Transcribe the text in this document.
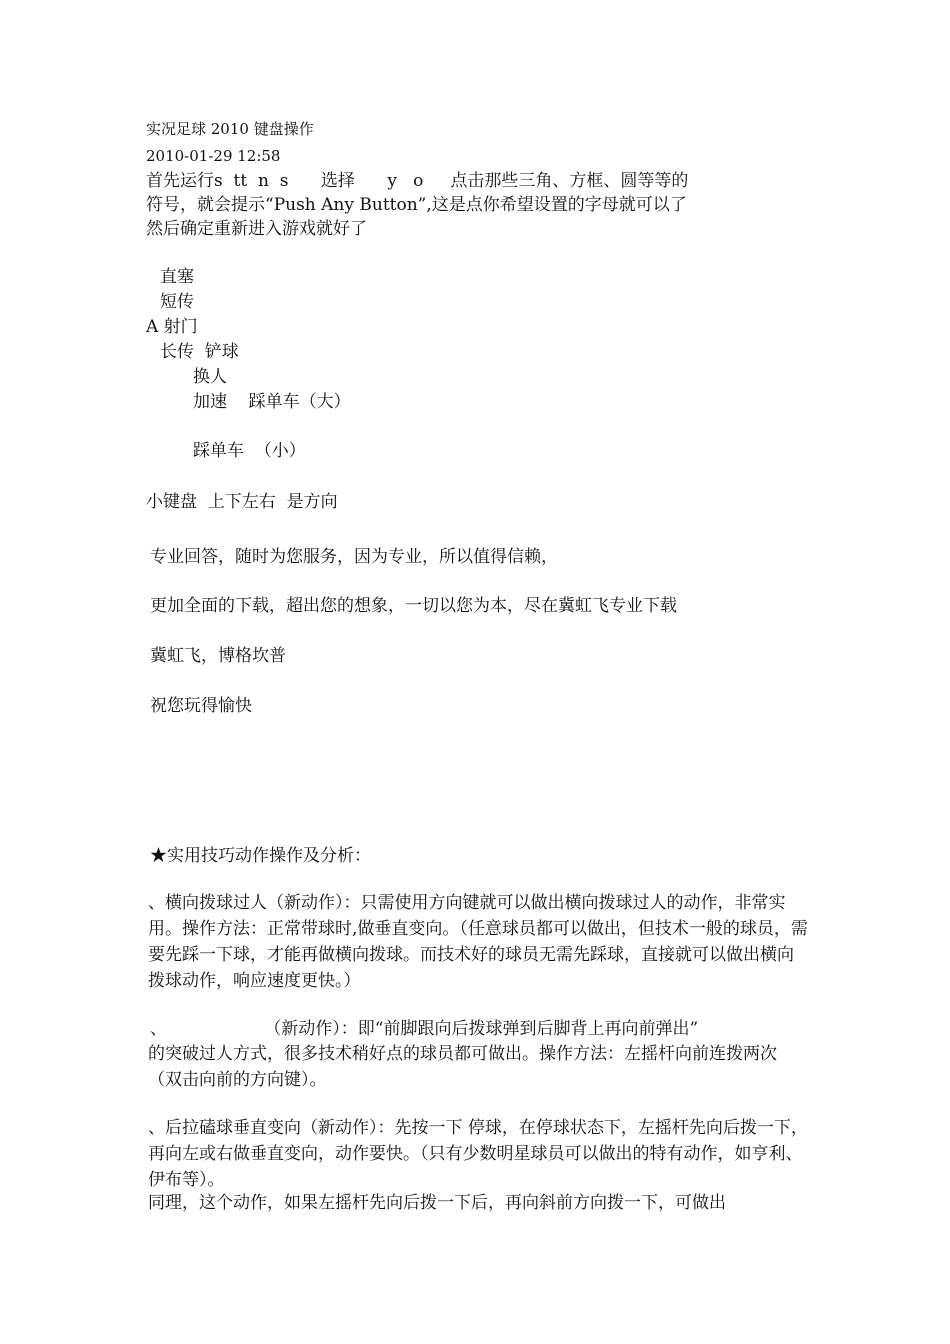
实况足球 2010 键盘操作
2010-01-29 12:58
首先运行s  tt  n  s      选择      y   o     点击那些三角、方框、圆等等的
符号，就会提示“Push Any Button”,这是点你希望设置的字母就可以了
然后确定重新进入游戏就好了
直塞
短传
A 射门
长传  铲球
换人
加速    踩单车（大）
踩单车  （小）
小键盘  上下左右  是方向
专业回答，随时为您服务，因为专业，所以值得信赖，
更加全面的下载，超出您的想象，一切以您为本，尽在冀虹飞专业下载
冀虹飞，博格坎普
祝您玩得愉快
★实用技巧动作操作及分析：
、横向拨球过人（新动作）：只需使用方向键就可以做出横向拨球过人的动作，非常实用。操作方法：正常带球时,做垂直变向。（任意球员都可以做出，但技术一般的球员，需要先踩一下球，才能再做横向拨球。而技术好的球员无需先踩球，直接就可以做出横向拨球动作，响应速度更快。）
、                  （新动作）：即“前脚跟向后拨球弹到后脚背上再向前弹出”
的突破过人方式，很多技术稍好点的球员都可做出。操作方法：左摇杆向前连拨两次（双击向前的方向键）。
、后拉磕球垂直变向（新动作）：先按一下 停球，在停球状态下，左摇杆先向后拨一下，再向左或右做垂直变向，动作要快。（只有少数明星球员可以做出的特有动作，如亨利、伊布等）。
同理，这个动作，如果左摇杆先向后拨一下后，再向斜前方向拨一下，可做出
